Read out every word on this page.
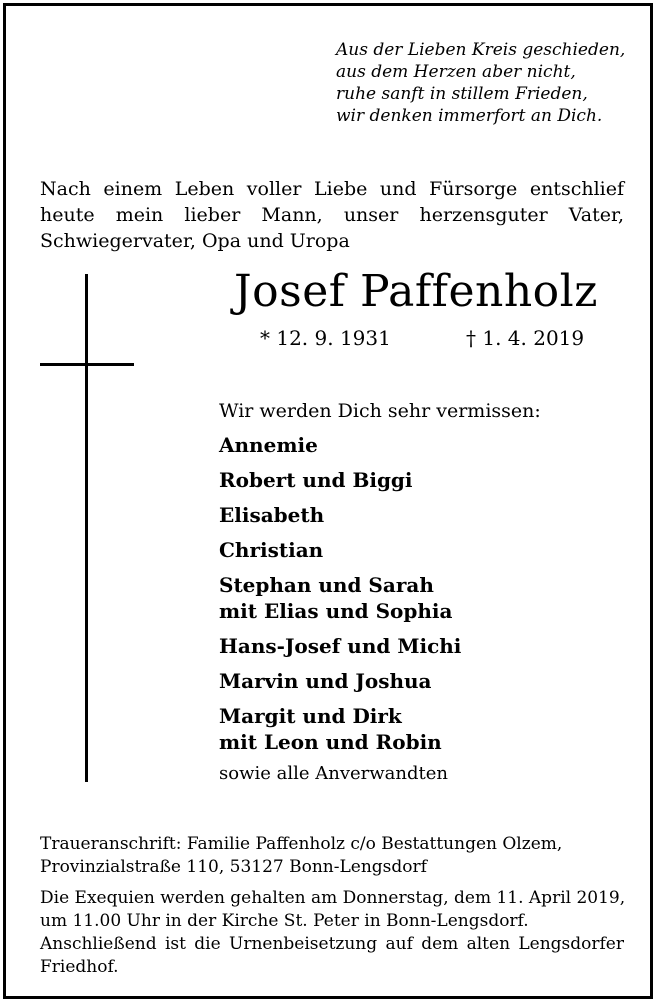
Aus der Lieben Kreis geschieden,
aus dem Herzen aber nicht,
ruhe sanft in stillem Frieden,
wir denken immerfort an Dich.
Nach einem Leben voller Liebe und Fürsorge entschlief
heute mein lieber Mann, unser herzensguter Vater,
Schwiegervater, Opa und Uropa
Josef Paffenholz
* 12. 9. 1931	† 1. 4. 2019
Wir werden Dich sehr vermissen:
Annemie
Robert und Biggi
Elisabeth
Christian
Stephan und Sarah
mit Elias und Sophia
Hans-Josef und Michi
Marvin und Joshua
Margit und Dirk
mit Leon und Robin
sowie alle Anverwandten
Traueranschrift: Familie Paffenholz c/o Bestattungen Olzem,
Provinzialstraße 110, 53127 Bonn-Lengsdorf
Die Exequien werden gehalten am Donnerstag, dem 11. April 2019,
um 11.00 Uhr in der Kirche St. Peter in Bonn-Lengsdorf.
Anschließend ist die Urnenbeisetzung auf dem alten Lengsdorfer
Friedhof.
